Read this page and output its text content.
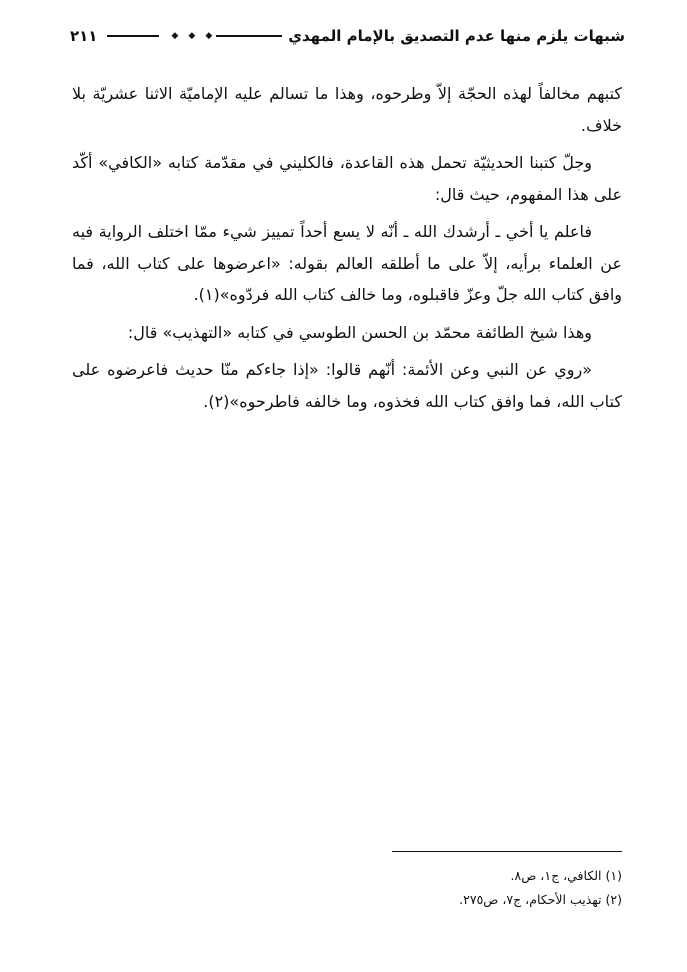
شبهات يلزم منها عدم التصديق بالإمام المهدي
◆
◆
◆
٢١١

كتبهم مخالفاً لهذه الحجّة إلاّ وطرحوه، وهذا ما تسالم عليه الإماميّة الاثنا عشريّة بلا خلاف.

وجلّ كتبنا الحديثيّة تحمل هذه القاعدة، فالكليني في مقدّمة كتابه «الكافي» أكّد على هذا المفهوم، حيث قال:

فاعلم يا أخي ـ أرشدك الله ـ أنّه لا يسع أحداً تمييز شيء ممّا اختلف الرواية فيه عن العلماء برأيه، إلاّ على ما أطلقه العالم بقوله: «اعرضوها على كتاب الله، فما وافق كتاب الله جلّ وعزّ فاقبلوه، وما خالف كتاب الله فردّوه»(١).

وهذا شيخ الطائفة محمّد بن الحسن الطوسي في كتابه «التهذيب» قال:

«روي عن النبي وعن الأئمة: أنّهم قالوا: «إذا جاءكم منّا حديث فاعرضوه على كتاب الله، فما وافق كتاب الله فخذوه، وما خالفه فاطرحوه»(٢).

(١) الكافي، ج١، ص٨.
(٢) تهذيب الأحكام، ج٧، ص٢٧٥.
